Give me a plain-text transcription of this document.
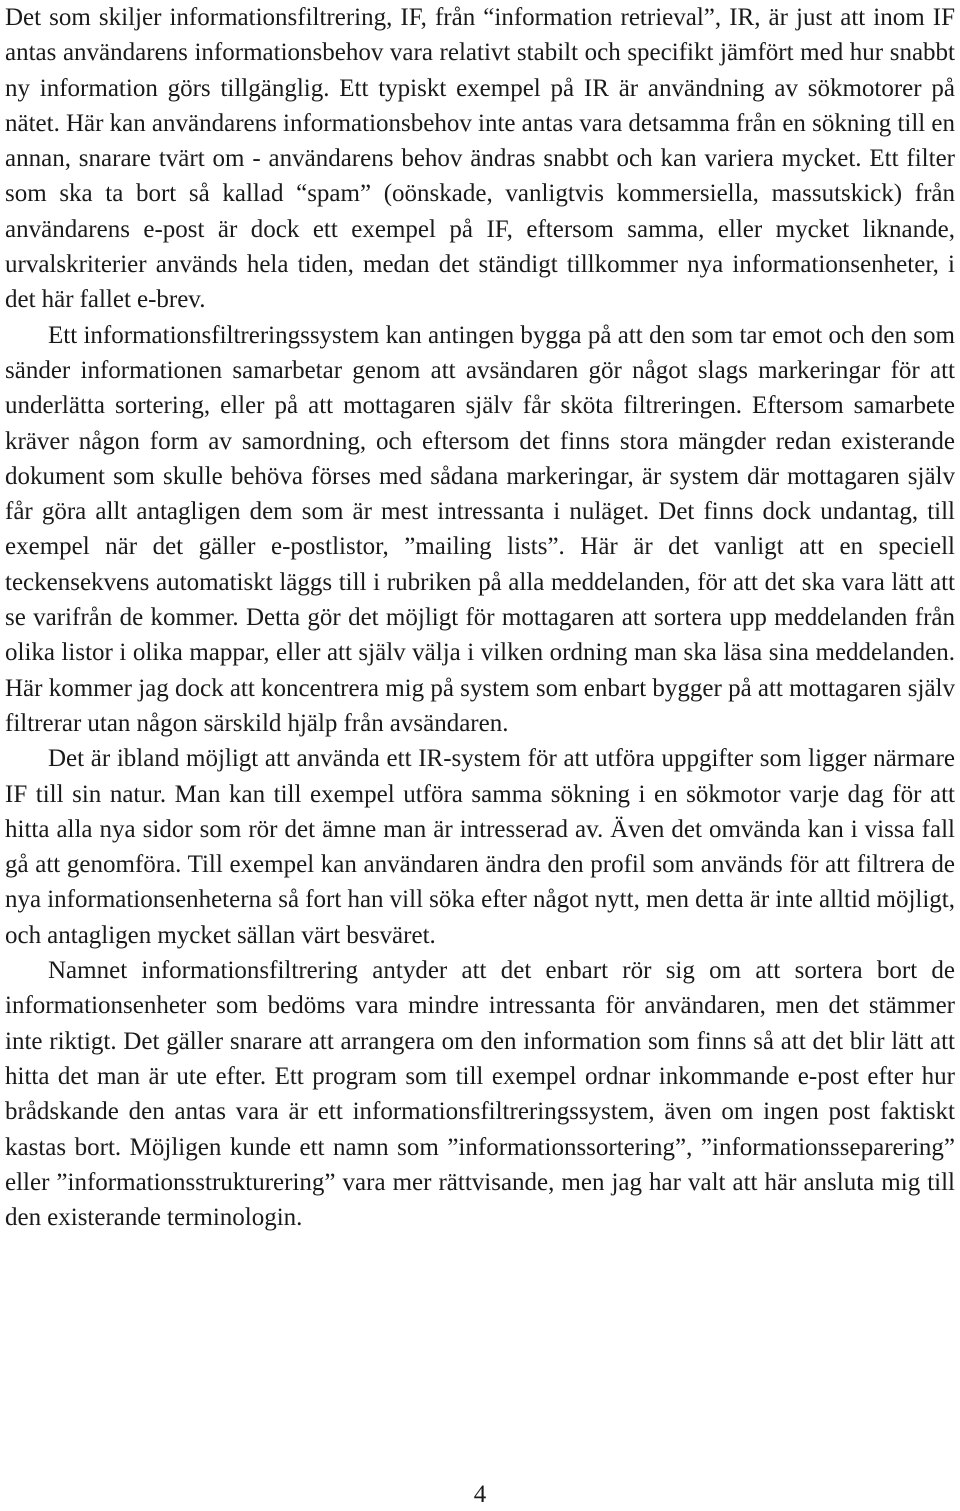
Det som skiljer informationsfiltrering, IF, från “information retrieval”, IR, är just att inom IF antas användarens informationsbehov vara relativt stabilt och specifikt jämfört med hur snabbt ny information görs tillgänglig. Ett typiskt exempel på IR är användning av sökmotorer på nätet. Här kan användarens informationsbehov inte antas vara detsamma från en sökning till en annan, snarare tvärt om - användarens behov ändras snabbt och kan variera mycket. Ett filter som ska ta bort så kallad “spam” (oönskade, vanligtvis kommersiella, massutskick) från användarens e-post är dock ett exempel på IF, eftersom samma, eller mycket liknande, urvalskriterier används hela tiden, medan det ständigt tillkommer nya informationsenheter, i det här fallet e-brev.

Ett informationsfiltreringssystem kan antingen bygga på att den som tar emot och den som sänder informationen samarbetar genom att avsändaren gör något slags markeringar för att underlätta sortering, eller på att mottagaren själv får sköta filtreringen. Eftersom samarbete kräver någon form av samordning, och eftersom det finns stora mängder redan existerande dokument som skulle behöva förses med sådana markeringar, är system där mottagaren själv får göra allt antagligen dem som är mest intressanta i nuläget. Det finns dock undantag, till exempel när det gäller e-postlistor, ”mailing lists”. Här är det vanligt att en speciell teckensekvens automatiskt läggs till i rubriken på alla meddelanden, för att det ska vara lätt att se varifrån de kommer. Detta gör det möjligt för mottagaren att sortera upp meddelanden från olika listor i olika mappar, eller att själv välja i vilken ordning man ska läsa sina meddelanden. Här kommer jag dock att koncentrera mig på system som enbart bygger på att mottagaren själv filtrerar utan någon särskild hjälp från avsändaren.

Det är ibland möjligt att använda ett IR-system för att utföra uppgifter som ligger närmare IF till sin natur. Man kan till exempel utföra samma sökning i en sökmotor varje dag för att hitta alla nya sidor som rör det ämne man är intresserad av. Även det omvända kan i vissa fall gå att genomföra. Till exempel kan användaren ändra den profil som används för att filtrera de nya informationsenheterna så fort han vill söka efter något nytt, men detta är inte alltid möjligt, och antagligen mycket sällan värt besväret.

Namnet informationsfiltrering antyder att det enbart rör sig om att sortera bort de informationsenheter som bedöms vara mindre intressanta för användaren, men det stämmer inte riktigt. Det gäller snarare att arrangera om den information som finns så att det blir lätt att hitta det man är ute efter. Ett program som till exempel ordnar inkommande e-post efter hur brådskande den antas vara är ett informationsfiltreringssystem, även om ingen post faktiskt kastas bort. Möjligen kunde ett namn som ”informationssortering”, ”informationsseparering” eller ”informationsstrukturering” vara mer rättvisande, men jag har valt att här ansluta mig till den existerande terminologin.

4
